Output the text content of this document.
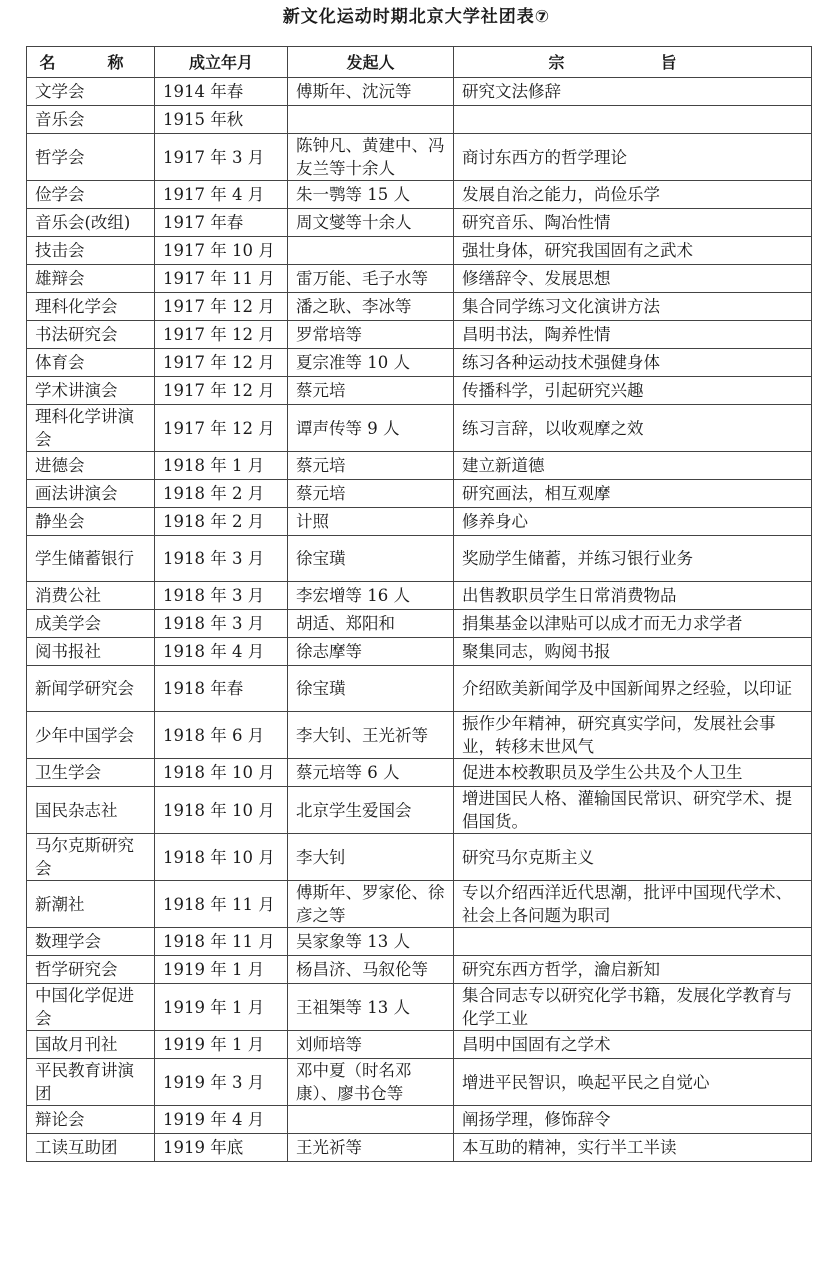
新文化运动时期北京大学社团表⑦
名　称	成立年月	发起人	宗　旨
文学会	1914 年春	傅斯年、沈沅等	研究文法修辞
音乐会	1915 年秋		
哲学会	1917 年 3 月	陈钟凡、黄建中、冯友兰等十余人	商讨东西方的哲学理论
俭学会	1917 年 4 月	朱一鹗等 15 人	发展自治之能力，尚俭乐学
音乐会(改组)	1917 年春	周文燮等十余人	研究音乐、陶冶性情
技击会	1917 年 10 月		强壮身体，研究我国固有之武术
雄辩会	1917 年 11 月	雷万能、毛子水等	修缮辞令、发展思想
理科化学会	1917 年 12 月	潘之耿、李冰等	集合同学练习文化演讲方法
书法研究会	1917 年 12 月	罗常培等	昌明书法，陶养性情
体育会	1917 年 12 月	夏宗准等 10 人	练习各种运动技术强健身体
学术讲演会	1917 年 12 月	蔡元培	传播科学，引起研究兴趣
理科化学讲演会	1917 年 12 月	谭声传等 9 人	练习言辞，以收观摩之效
进德会	1918 年 1 月	蔡元培	建立新道德
画法讲演会	1918 年 2 月	蔡元培	研究画法，相互观摩
静坐会	1918 年 2 月	计照	修养身心
学生储蓄银行	1918 年 3 月	徐宝璜	奖励学生储蓄，并练习银行业务
消费公社	1918 年 3 月	李宏增等 16 人	出售教职员学生日常消费物品
成美学会	1918 年 3 月	胡适、郑阳和	捐集基金以津贴可以成才而无力求学者
阅书报社	1918 年 4 月	徐志摩等	聚集同志，购阅书报
新闻学研究会	1918 年春	徐宝璜	介绍欧美新闻学及中国新闻界之经验，以印证
少年中国学会	1918 年 6 月	李大钊、王光祈等	振作少年精神，研究真实学问，发展社会事业，转移末世风气
卫生学会	1918 年 10 月	蔡元培等 6 人	促进本校教职员及学生公共及个人卫生
国民杂志社	1918 年 10 月	北京学生爱国会	增进国民人格、灌输国民常识、研究学术、提倡国货。
马尔克斯研究会	1918 年 10 月	李大钊	研究马尔克斯主义
新潮社	1918 年 11 月	傅斯年、罗家伦、徐彦之等	专以介绍西洋近代思潮，批评中国现代学术、社会上各问题为职司
数理学会	1918 年 11 月	吴家象等 13 人	
哲学研究会	1919 年 1 月	杨昌济、马叙伦等	研究东西方哲学，瀹启新知
中国化学促进会	1919 年 1 月	王祖榘等 13 人	集合同志专以研究化学书籍，发展化学教育与化学工业
国故月刊社	1919 年 1 月	刘师培等	昌明中国固有之学术
平民教育讲演团	1919 年 3 月	邓中夏（时名邓康）、廖书仓等	增进平民智识，唤起平民之自觉心
辩论会	1919 年 4 月		阐扬学理，修饰辞令
工读互助团	1919 年底	王光祈等	本互助的精神，实行半工半读
